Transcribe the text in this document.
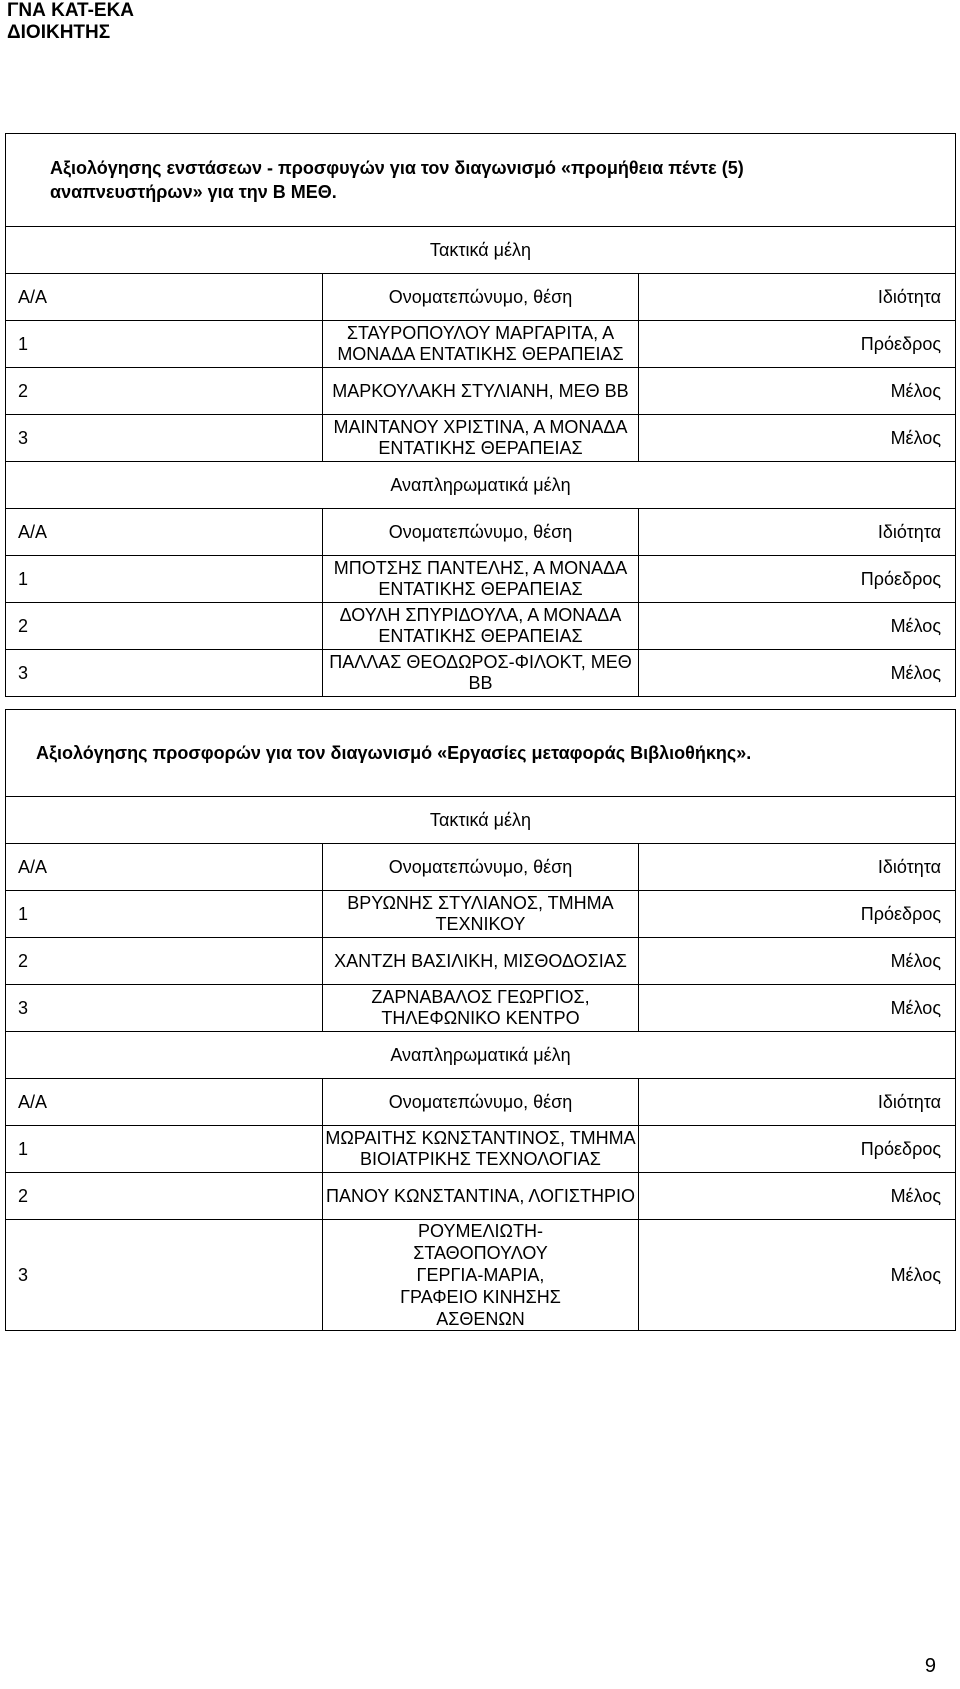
ΓΝΑ ΚΑΤ-ΕΚΑ
ΔΙΟΙΚΗΤΗΣ
Αξιολόγησης ενστάσεων - προσφυγών για τον διαγωνισμό «προμήθεια πέντε (5)
αναπνευστήρων» για την Β ΜΕΘ.		

Τακτικά μέλη		
Α/Α	Ονοματεπώνυμο, θέση	Ιδιότητα
1	ΣΤΑΥΡΟΠΟΥΛΟΥ ΜΑΡΓΑΡΙΤΑ, Α ΜΟΝΑΔΑ ΕΝΤΑΤΙΚΗΣ ΘΕΡΑΠΕΙΑΣ	Πρόεδρος
2	ΜΑΡΚΟΥΛΑΚΗ ΣΤΥΛΙΑΝΗ, ΜΕΘ ΒΒ	Μέλος
3	ΜΑΙΝΤΑΝΟΥ ΧΡΙΣΤΙΝΑ, Α ΜΟΝΑΔΑ ΕΝΤΑΤΙΚΗΣ ΘΕΡΑΠΕΙΑΣ	Μέλος
Αναπληρωματικά μέλη		
Α/Α	Ονοματεπώνυμο, θέση	Ιδιότητα
1	ΜΠΟΤΣΗΣ ΠΑΝΤΕΛΗΣ, Α ΜΟΝΑΔΑ ΕΝΤΑΤΙΚΗΣ ΘΕΡΑΠΕΙΑΣ	Πρόεδρος
2	ΔΟΥΛΗ ΣΠΥΡΙΔΟΥΛΑ, Α ΜΟΝΑΔΑ ΕΝΤΑΤΙΚΗΣ ΘΕΡΑΠΕΙΑΣ	Μέλος
3	ΠΑΛΛΑΣ ΘΕΟΔΩΡΟΣ-ΦΙΛΟΚΤ, ΜΕΘ ΒΒ	Μέλος
Αξιολόγησης προσφορών για τον διαγωνισμό «Εργασίες μεταφοράς Βιβλιοθήκης».		
Τακτικά μέλη		
Α/Α	Ονοματεπώνυμο, θέση	Ιδιότητα
1	ΒΡΥΩΝΗΣ ΣΤΥΛΙΑΝΟΣ, ΤΜΗΜΑ ΤΕΧΝΙΚΟΥ	Πρόεδρος
2	ΧΑΝΤΖΗ ΒΑΣΙΛΙΚΗ, ΜΙΣΘΟΔΟΣΙΑΣ	Μέλος
3	ΖΑΡΝΑΒΑΛΟΣ ΓΕΩΡΓΙΟΣ, ΤΗΛΕΦΩΝΙΚΟ ΚΕΝΤΡΟ	Μέλος
Αναπληρωματικά μέλη		
Α/Α	Ονοματεπώνυμο, θέση	Ιδιότητα
1	ΜΩΡΑΙΤΗΣ ΚΩΝΣΤΑΝΤΙΝΟΣ, ΤΜΗΜΑ ΒΙΟΙΑΤΡΙΚΗΣ ΤΕΧΝΟΛΟΓΙΑΣ	Πρόεδρος
2	ΠΑΝΟΥ ΚΩΝΣΤΑΝΤΙΝΑ, ΛΟΓΙΣΤΗΡΙΟ	Μέλος
3	ΡΟΥΜΕΛΙΩΤΗ-ΣΤΑΘΟΠΟΥΛΟΥ ΓΕΡΓΙΑ-ΜΑΡΙΑ, ΓΡΑΦΕΙΟ ΚΙΝΗΣΗΣ ΑΣΘΕΝΩΝ	Μέλος
9
